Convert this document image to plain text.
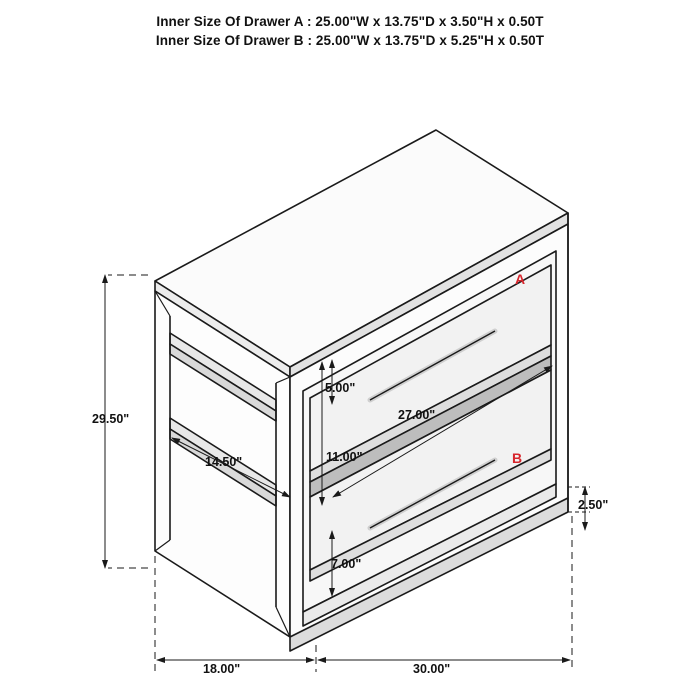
Inner Size Of Drawer A : 25.00"W x 13.75"D x 3.50"H x 0.50T
Inner Size Of Drawer B : 25.00"W x 13.75"D x 5.25"H x 0.50T
29.50"
14.50"
27.00"
5.00"
11.00"
7.00"
2.50"
18.00"	30.00"
A
B
